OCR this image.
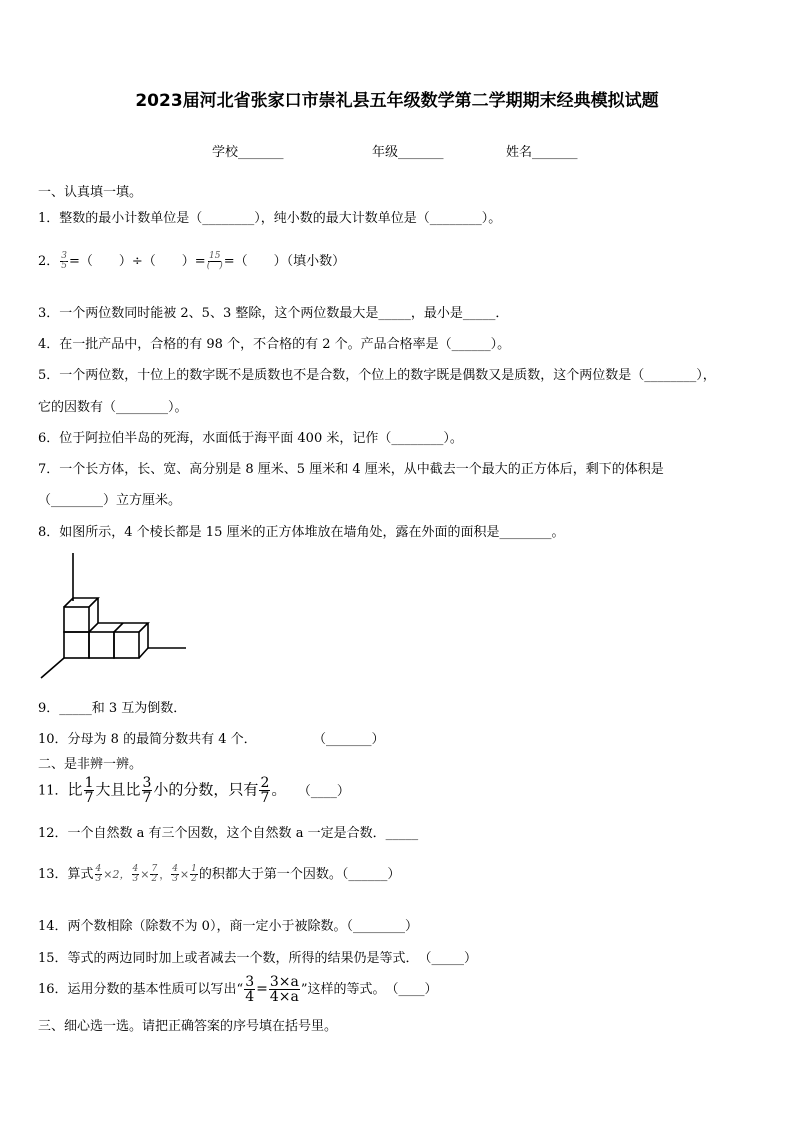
2023届河北省张家口市崇礼县五年级数学第二学期期末经典模拟试题
学校_______	年级_______	姓名_______
一、认真填一填。
1．整数的最小计数单位是（________），纯小数的最大计数单位是（________）。
2． $\frac{3}{5}$ =（　　）÷（　　）= $\frac{15}{( )}$ =（　　）（填小数）
3．一个两位数同时能被 2、5、3 整除，这个两位数最大是_____，最小是_____．
4．在一批产品中，合格的有 98 个，不合格的有 2 个。产品合格率是（______）。
5．一个两位数，十位上的数字既不是质数也不是合数，个位上的数字既是偶数又是质数，这个两位数是（________），
它的因数有（________）。
6．位于阿拉伯半岛的死海，水面低于海平面 400 米，记作（________）。
7．一个长方体，长、宽、高分别是 8 厘米、5 厘米和 4 厘米，从中截去一个最大的正方体后，剩下的体积是
（________）立方厘米。
8．如图所示，4 个棱长都是 15 厘米的正方体堆放在墙角处，露在外面的面积是________。
9．_____和 3 互为倒数．
10．分母为 8 的最简分数共有 4 个．	（_______）
二、是非辨一辨。
11．比 $\frac{1}{7}$ 大且比 $\frac{3}{7}$ 小的分数，只有 $\frac{2}{7}$ 。 （____）
12．一个自然数 a 有三个因数，这个自然数 a 一定是合数．_____
13．算式 $\frac{4}{3} \times 2$， $\frac{4}{3} \times \frac{7}{2}$ ， $\frac{4}{3} \times \frac{1}{2}$ 的积都大于第一个因数。（______）
14．两个数相除（除数不为 0），商一定小于被除数。（________）
15．等式的两边同时加上或者减去一个数，所得的结果仍是等式．　（_____）
16．运用分数的基本性质可以写出“ $\frac{3}{4} = \frac{3\times a}{4\times a}$ ”这样的等式。　（____）
三、细心选一选。请把正确答案的序号填在括号里。
